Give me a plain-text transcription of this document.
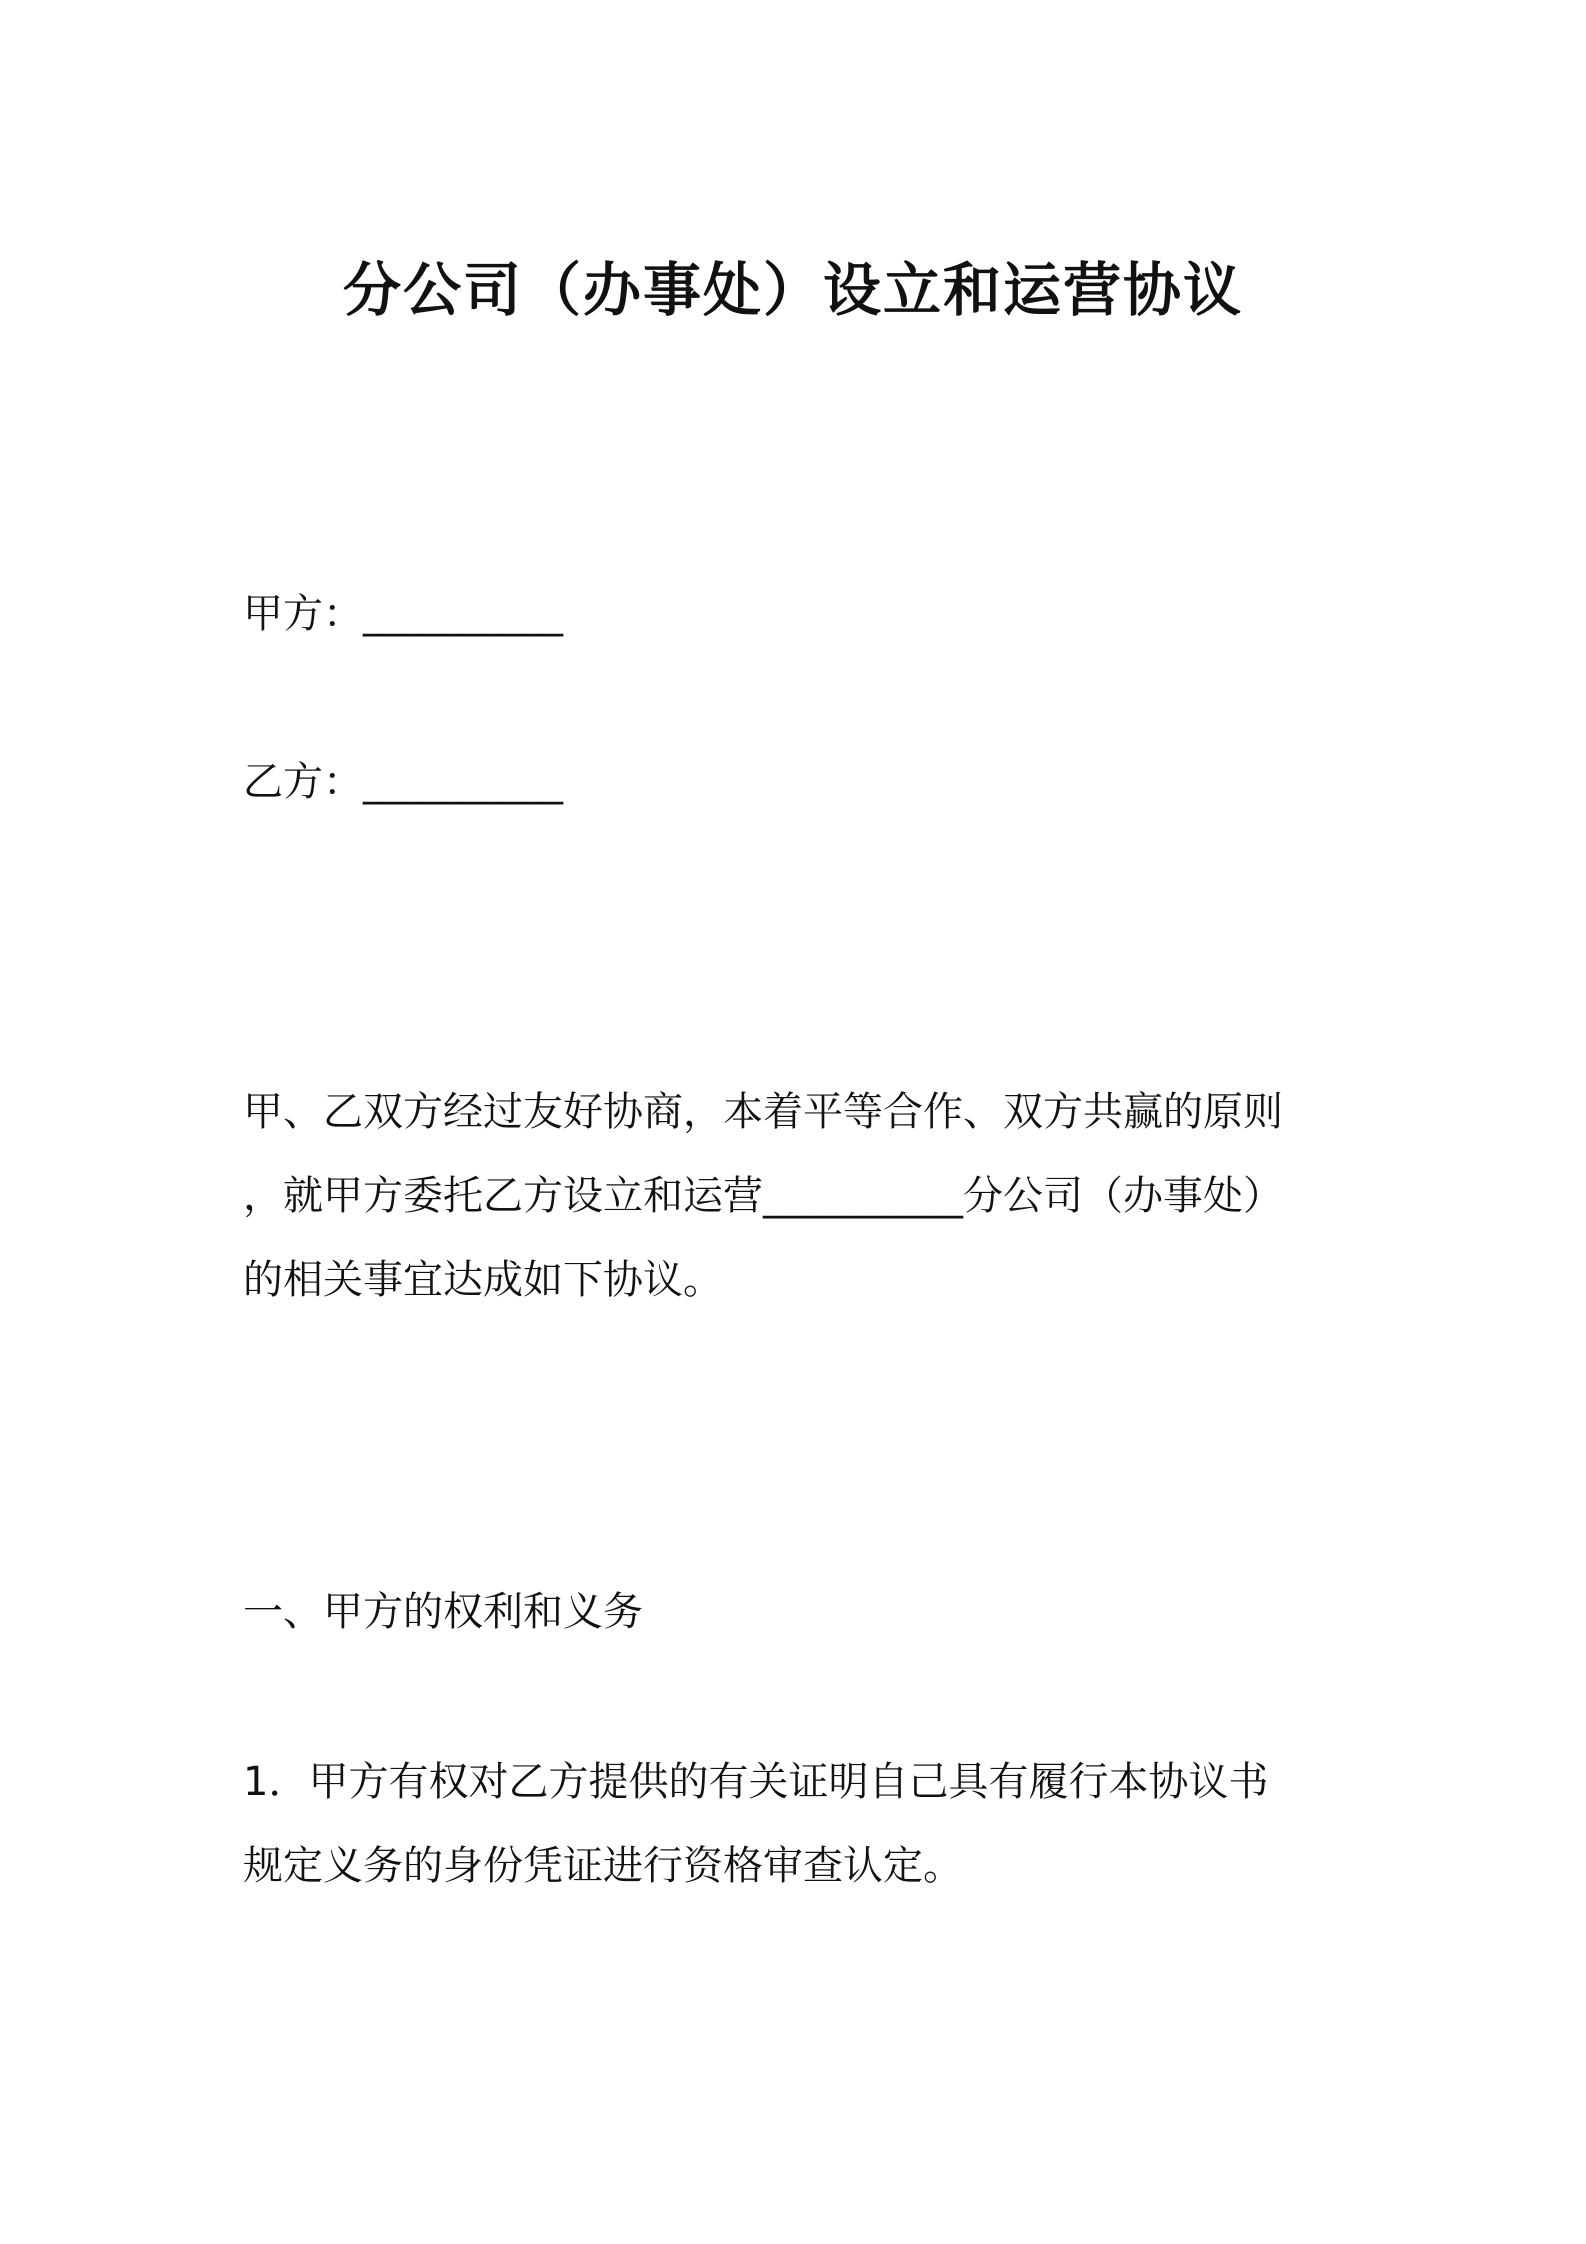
分公司（办事处）设立和运营协议
甲方：__________
乙方：__________
甲、乙双方经过友好协商，本着平等合作、双方共赢的原则
，就甲方委托乙方设立和运营__________分公司（办事处）
的相关事宜达成如下协议。
一、甲方的权利和义务
1．甲方有权对乙方提供的有关证明自己具有履行本协议书
规定义务的身份凭证进行资格审查认定。
